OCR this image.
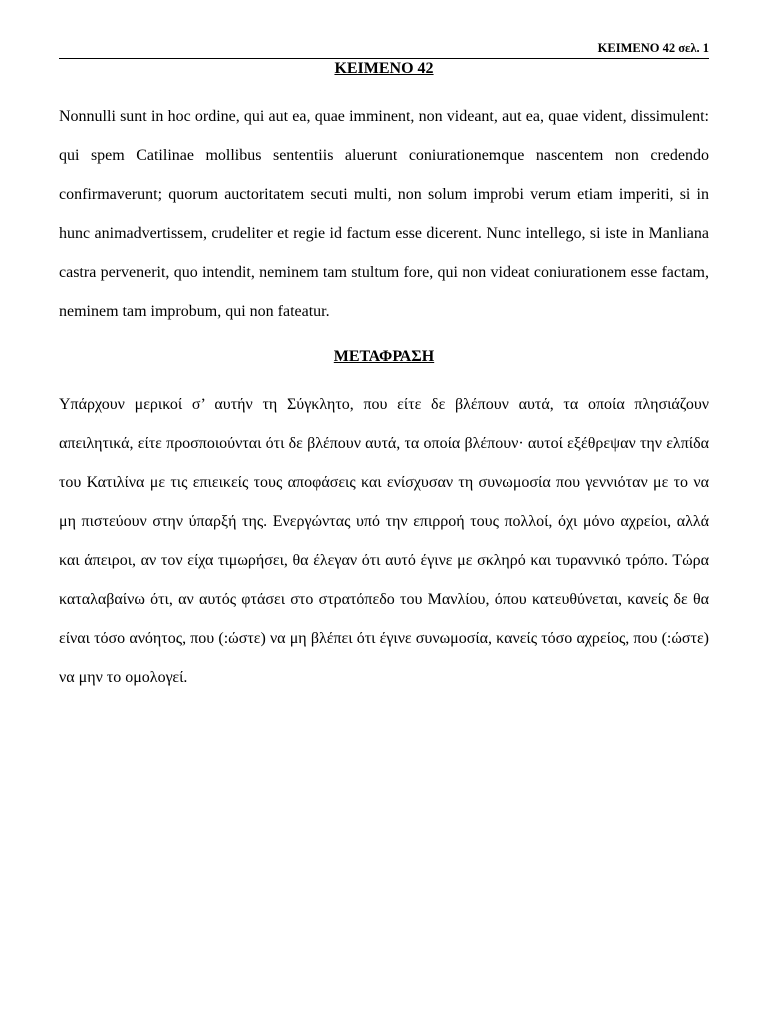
ΚΕΙΜΕΝΟ 42 σελ. 1
ΚΕΙΜΕΝΟ 42

Nonnulli sunt in hoc ordine, qui aut ea, quae imminent, non videant, aut ea, quae vident, dissimulent: qui spem Catilinae mollibus sententiis aluerunt coniurationemque nascentem non credendo confirmaverunt; quorum auctoritatem secuti multi, non solum improbi verum etiam imperiti, si in hunc animadvertissem, crudeliter et regie id factum esse dicerent. Nunc intellego, si iste in Manliana castra pervenerit, quo intendit, neminem tam stultum fore, qui non videat coniurationem esse factam, neminem tam improbum, qui non fateatur.

ΜΕΤΑΦΡΑΣΗ

Υπάρχουν μερικοί σ’ αυτήν τη Σύγκλητο, που είτε δε βλέπουν αυτά, τα οποία πλησιάζουν απειλητικά, είτε προσποιούνται ότι δε βλέπουν αυτά, τα οποία βλέπουν· αυτοί εξέθρεψαν την ελπίδα του Κατιλίνα με τις επιεικείς τους αποφάσεις και ενίσχυσαν τη συνωμοσία που γεννιόταν με το να μη πιστεύουν στην ύπαρξή της. Ενεργώντας υπό την επιρροή τους πολλοί, όχι μόνο αχρείοι, αλλά και άπειροι, αν τον είχα τιμωρήσει, θα έλεγαν ότι αυτό έγινε με σκληρό και τυραννικό τρόπο. Τώρα καταλαβαίνω ότι, αν αυτός φτάσει στο στρατόπεδο του Μανλίου, όπου κατευθύνεται, κανείς δε θα είναι τόσο ανόητος, που (:ώστε) να μη βλέπει ότι έγινε συνωμοσία, κανείς τόσο αχρείος, που (:ώστε) να μην το ομολογεί.
